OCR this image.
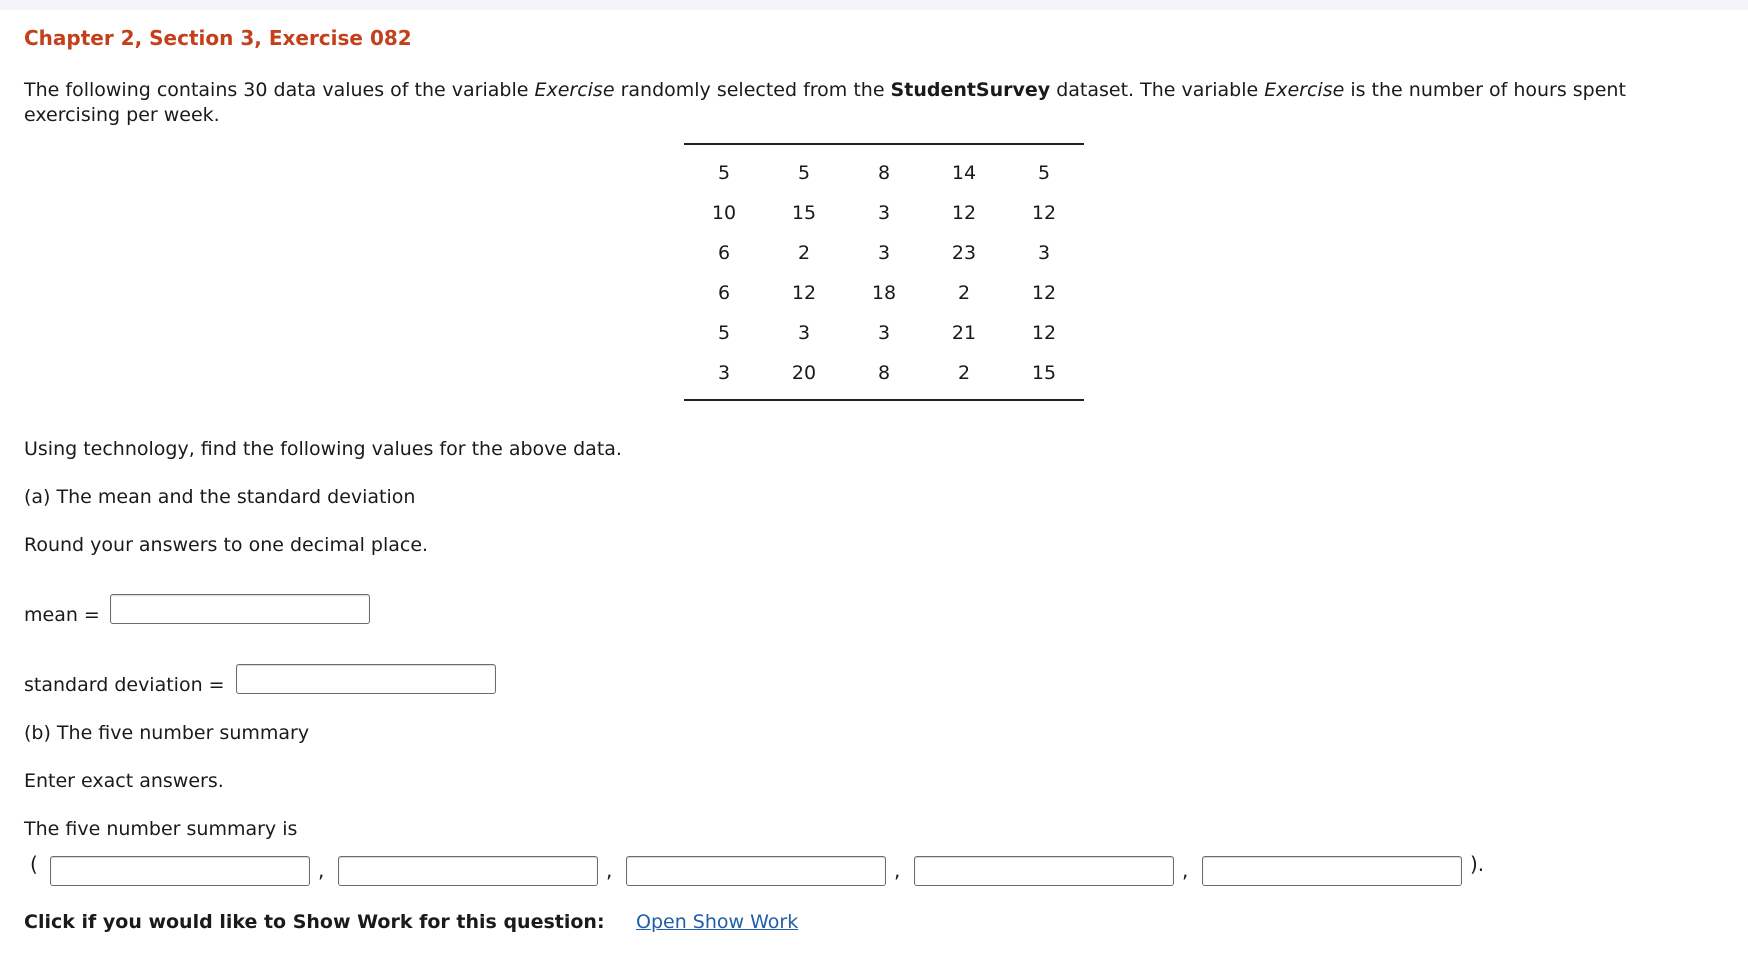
Chapter 2, Section 3, Exercise 082
The following contains 30 data values of the variable Exercise randomly selected from the StudentSurvey dataset. The variable Exercise is the number of hours spent exercising per week.
5	5	8	14	5
10	15	3	12	12
6	2	3	23	3
6	12	18	2	12
5	3	3	21	12
3	20	8	2	15
Using technology, find the following values for the above data.
(a) The mean and the standard deviation
Round your answers to one decimal place.
mean =
standard deviation =
(b) The five number summary
Enter exact answers.
The five number summary is
(	,	,	,	,	).
Click if you would like to Show Work for this question: Open Show Work
